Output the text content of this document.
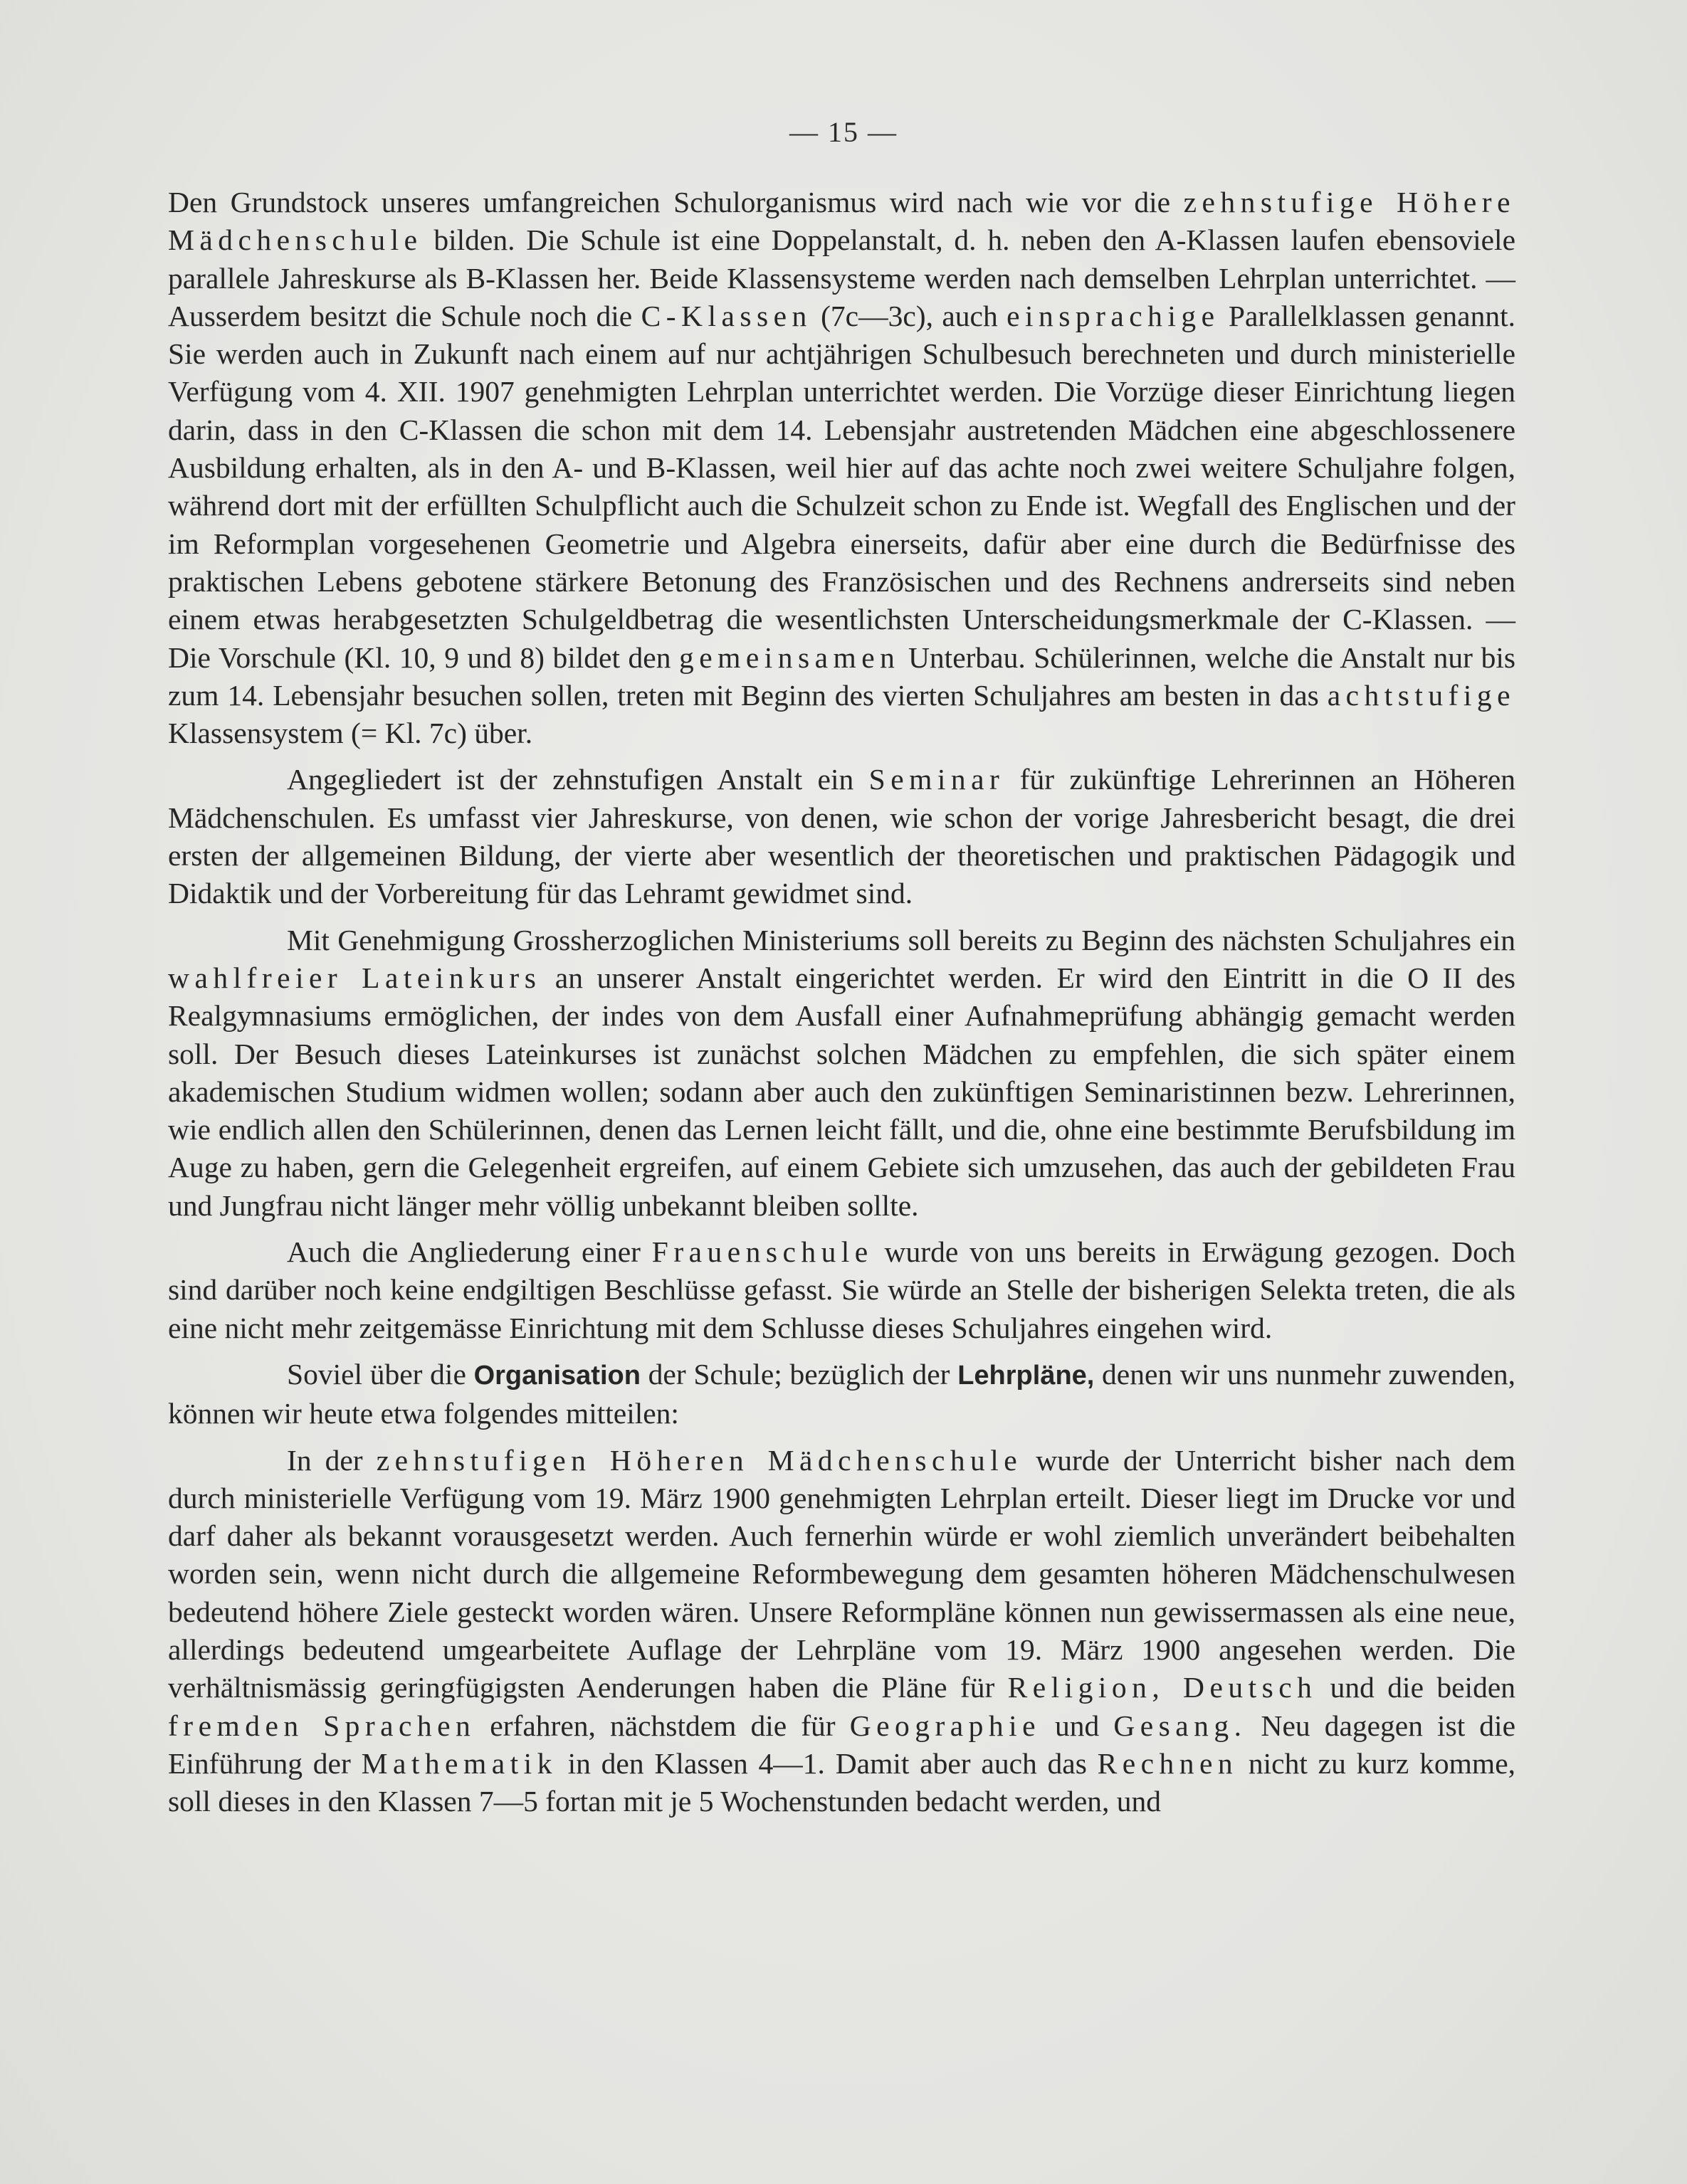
— 15 —

Den Grundstock unseres umfangreichen Schulorganismus wird nach wie vor die zehnstufige Höhere Mädchenschule bilden. Die Schule ist eine Doppelanstalt, d. h. neben den A-Klassen laufen ebensoviele parallele Jahreskurse als B-Klassen her. Beide Klassensysteme werden nach demselben Lehrplan unterrichtet. — Ausserdem besitzt die Schule noch die C-Klassen (7c—3c), auch einsprachige Parallelklassen genannt. Sie werden auch in Zukunft nach einem auf nur achtjährigen Schulbesuch berechneten und durch ministerielle Verfügung vom 4. XII. 1907 genehmigten Lehrplan unterrichtet werden. Die Vorzüge dieser Einrichtung liegen darin, dass in den C-Klassen die schon mit dem 14. Lebensjahr austretenden Mädchen eine abgeschlossenere Ausbildung erhalten, als in den A- und B-Klassen, weil hier auf das achte noch zwei weitere Schuljahre folgen, während dort mit der erfüllten Schulpflicht auch die Schulzeit schon zu Ende ist. Wegfall des Englischen und der im Reformplan vorgesehenen Geometrie und Algebra einerseits, dafür aber eine durch die Bedürfnisse des praktischen Lebens gebotene stärkere Betonung des Französischen und des Rechnens andrerseits sind neben einem etwas herabgesetzten Schulgeldbetrag die wesentlichsten Unterscheidungsmerkmale der C-Klassen. — Die Vorschule (Kl. 10, 9 und 8) bildet den gemeinsamen Unterbau. Schülerinnen, welche die Anstalt nur bis zum 14. Lebensjahr besuchen sollen, treten mit Beginn des vierten Schuljahres am besten in das achtstufige Klassensystem (= Kl. 7c) über.

Angegliedert ist der zehnstufigen Anstalt ein Seminar für zukünftige Lehrerinnen an Höheren Mädchenschulen. Es umfasst vier Jahreskurse, von denen, wie schon der vorige Jahresbericht besagt, die drei ersten der allgemeinen Bildung, der vierte aber wesentlich der theoretischen und praktischen Pädagogik und Didaktik und der Vorbereitung für das Lehramt gewidmet sind.

Mit Genehmigung Grossherzoglichen Ministeriums soll bereits zu Beginn des nächsten Schuljahres ein wahlfreier Lateinkurs an unserer Anstalt eingerichtet werden. Er wird den Eintritt in die O II des Realgymnasiums ermöglichen, der indes von dem Ausfall einer Aufnahmeprüfung abhängig gemacht werden soll. Der Besuch dieses Lateinkurses ist zunächst solchen Mädchen zu empfehlen, die sich später einem akademischen Studium widmen wollen; sodann aber auch den zukünftigen Seminaristinnen bezw. Lehrerinnen, wie endlich allen den Schülerinnen, denen das Lernen leicht fällt, und die, ohne eine bestimmte Berufsbildung im Auge zu haben, gern die Gelegenheit ergreifen, auf einem Gebiete sich umzusehen, das auch der gebildeten Frau und Jungfrau nicht länger mehr völlig unbekannt bleiben sollte.

Auch die Angliederung einer Frauenschule wurde von uns bereits in Erwägung gezogen. Doch sind darüber noch keine endgiltigen Beschlüsse gefasst. Sie würde an Stelle der bisherigen Selekta treten, die als eine nicht mehr zeitgemässe Einrichtung mit dem Schlusse dieses Schuljahres eingehen wird.

Soviel über die Organisation der Schule; bezüglich der Lehrpläne, denen wir uns nunmehr zuwenden, können wir heute etwa folgendes mitteilen:

In der zehnstufigen Höheren Mädchenschule wurde der Unterricht bisher nach dem durch ministerielle Verfügung vom 19. März 1900 genehmigten Lehrplan erteilt. Dieser liegt im Drucke vor und darf daher als bekannt vorausgesetzt werden. Auch fernerhin würde er wohl ziemlich unverändert beibehalten worden sein, wenn nicht durch die allgemeine Reformbewegung dem gesamten höheren Mädchenschulwesen bedeutend höhere Ziele gesteckt worden wären. Unsere Reformpläne können nun gewissermassen als eine neue, allerdings bedeutend umgearbeitete Auflage der Lehrpläne vom 19. März 1900 angesehen werden. Die verhältnismässig geringfügigsten Aenderungen haben die Pläne für Religion, Deutsch und die beiden fremden Sprachen erfahren, nächstdem die für Geographie und Gesang. Neu dagegen ist die Einführung der Mathematik in den Klassen 4—1. Damit aber auch das Rechnen nicht zu kurz komme, soll dieses in den Klassen 7—5 fortan mit je 5 Wochenstunden bedacht werden, und
